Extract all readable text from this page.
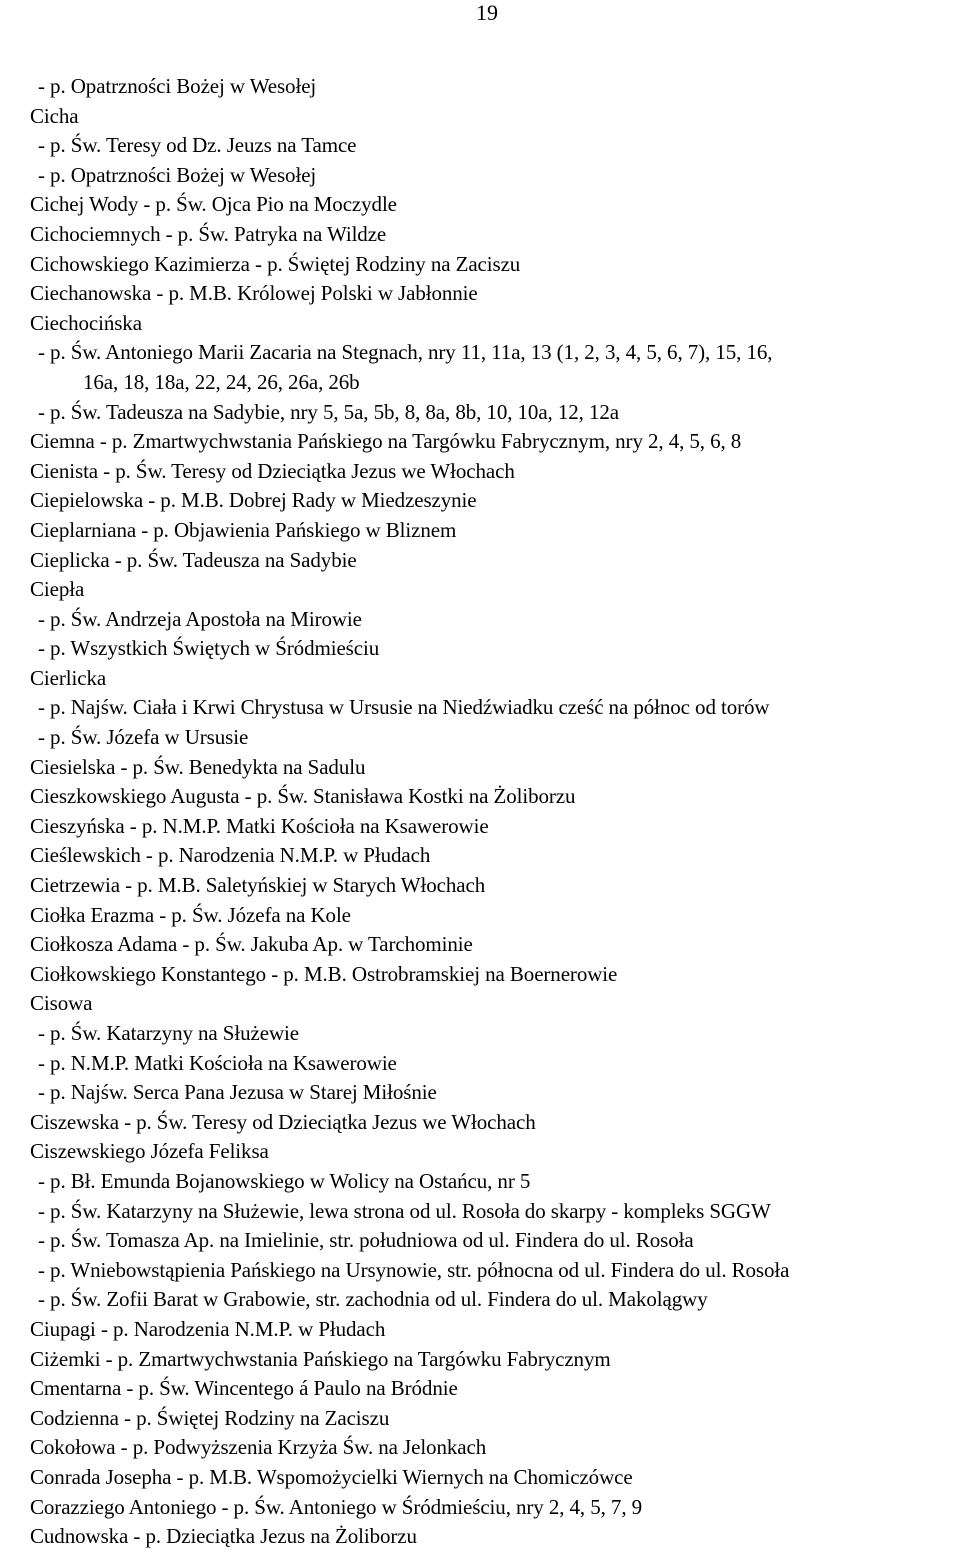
19
- p. Opatrzności Bożej w Wesołej
Cicha
- p. Św. Teresy od Dz. Jeuzs na Tamce
- p. Opatrzności Bożej w Wesołej
Cichej Wody - p. Św. Ojca Pio na Moczydle
Cichociemnych - p. Św. Patryka na Wildze
Cichowskiego Kazimierza - p. Świętej Rodziny na Zaciszu
Ciechanowska - p. M.B. Królowej Polski w Jabłonnie
Ciechocińska
- p. Św. Antoniego Marii Zacaria na Stegnach, nry 11, 11a, 13 (1, 2, 3, 4, 5, 6, 7), 15, 16,
16a, 18, 18a, 22, 24, 26, 26a, 26b
- p. Św. Tadeusza na Sadybie, nry 5, 5a, 5b, 8, 8a, 8b, 10, 10a, 12, 12a
Ciemna - p. Zmartwychwstania Pańskiego na Targówku Fabrycznym, nry 2, 4, 5, 6, 8
Cienista - p. Św. Teresy od Dzieciątka Jezus we Włochach
Ciepielowska - p. M.B. Dobrej Rady w Miedzeszynie
Cieplarniana - p. Objawienia Pańskiego w Bliznem
Cieplicka - p. Św. Tadeusza na Sadybie
Ciepła
- p. Św. Andrzeja Apostoła na Mirowie
- p. Wszystkich Świętych w Śródmieściu
Cierlicka
- p. Najśw. Ciała i Krwi Chrystusa w Ursusie na Niedźwiadku cześć na północ od torów
- p. Św. Józefa w Ursusie
Ciesielska - p. Św. Benedykta na Sadulu
Cieszkowskiego Augusta - p. Św. Stanisława Kostki na Żoliborzu
Cieszyńska - p. N.M.P. Matki Kościoła na Ksawerowie
Cieślewskich - p. Narodzenia N.M.P. w Płudach
Cietrzewia - p. M.B. Saletyńskiej w Starych Włochach
Ciołka Erazma - p. Św. Józefa na Kole
Ciołkosza Adama - p. Św. Jakuba Ap. w Tarchominie
Ciołkowskiego Konstantego - p. M.B. Ostrobramskiej na Boernerowie
Cisowa
- p. Św. Katarzyny na Służewie
- p. N.M.P. Matki Kościoła na Ksawerowie
- p. Najśw. Serca Pana Jezusa w Starej Miłośnie
Ciszewska - p. Św. Teresy od Dzieciątka Jezus we Włochach
Ciszewskiego Józefa Feliksa
- p. Bł. Emunda Bojanowskiego w Wolicy na Ostańcu, nr 5
- p. Św. Katarzyny na Służewie, lewa strona od ul. Rosoła do skarpy - kompleks SGGW
- p. Św. Tomasza Ap. na Imielinie, str. południowa od ul. Findera do ul. Rosoła
- p. Wniebowstąpienia Pańskiego na Ursynowie, str. północna od ul. Findera do ul. Rosoła
- p. Św. Zofii Barat w Grabowie, str. zachodnia od ul. Findera do ul. Makolągwy
Ciupagi - p. Narodzenia N.M.P. w Płudach
Ciżemki - p. Zmartwychwstania Pańskiego na Targówku Fabrycznym
Cmentarna - p. Św. Wincentego á Paulo na Bródnie
Codzienna - p. Świętej Rodziny na Zaciszu
Cokołowa - p. Podwyższenia Krzyża Św. na Jelonkach
Conrada Josepha - p. M.B. Wspomożycielki Wiernych na Chomiczówce
Corazziego Antoniego - p. Św. Antoniego w Śródmieściu, nry 2, 4, 5, 7, 9
Cudnowska - p. Dzieciątka Jezus na Żoliborzu
